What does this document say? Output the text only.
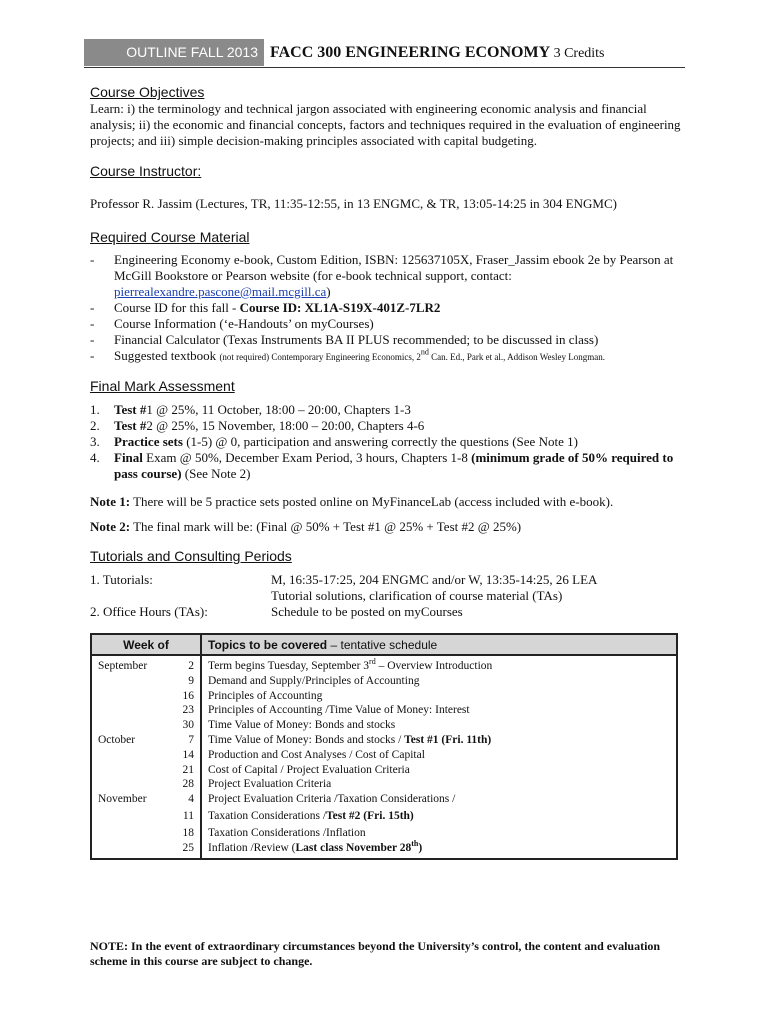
OUTLINE FALL 2013 FACC 300 ENGINEERING ECONOMY 3 Credits
Course Objectives
Learn: i) the terminology and technical jargon associated with engineering economic analysis and financial analysis; ii) the economic and financial concepts, factors and techniques required in the evaluation of engineering projects; and iii) simple decision-making principles associated with capital budgeting.
Course Instructor:
Professor R. Jassim (Lectures, TR, 11:35-12:55, in 13 ENGMC, & TR, 13:05-14:25 in 304 ENGMC)
Required Course Material
- Engineering Economy e-book, Custom Edition, ISBN: 125637105X, Fraser_Jassim ebook 2e by Pearson at McGill Bookstore or Pearson website (for e-book technical support, contact: pierrealexandre.pascone@mail.mcgill.ca)
- Course ID for this fall - Course ID: XL1A-S19X-401Z-7LR2
- Course Information (‘e-Handouts’ on myCourses)
- Financial Calculator (Texas Instruments BA II PLUS recommended; to be discussed in class)
- Suggested textbook (not required) Contemporary Engineering Economics, 2nd Can. Ed., Park et al., Addison Wesley Longman.
Final Mark Assessment
1. Test #1 @ 25%, 11 October, 18:00 – 20:00, Chapters 1-3
2. Test #2 @ 25%, 15 November, 18:00 – 20:00, Chapters 4-6
3. Practice sets (1-5) @ 0, participation and answering correctly the questions (See Note 1)
4. Final Exam @ 50%, December Exam Period, 3 hours, Chapters 1-8 (minimum grade of 50% required to pass course) (See Note 2)
Note 1: There will be 5 practice sets posted online on MyFinanceLab (access included with e-book).
Note 2: The final mark will be: (Final @ 50% + Test #1 @ 25% + Test #2 @ 25%)
Tutorials and Consulting Periods
1. Tutorials:	M, 16:35-17:25, 204 ENGMC and/or W, 13:35-14:25, 26 LEA
Tutorial solutions, clarification of course material (TAs)
2. Office Hours (TAs):	Schedule to be posted on myCourses
Week of	Topics to be covered – tentative schedule

September 2	Term begins Tuesday, September 3rd – Overview Introduction

9	Demand and Supply/Principles of Accounting

16	Principles of Accounting

23	Principles of Accounting /Time Value of Money: Interest

30	Time Value of Money: Bonds and stocks

October 7	Time Value of Money: Bonds and stocks / Test #1 (Fri. 11th)

14	Production and Cost Analyses / Cost of Capital

21	Cost of Capital / Project Evaluation Criteria

28	Project Evaluation Criteria

November 4	Project Evaluation Criteria /Taxation Considerations /

11	Taxation Considerations /Test #2 (Fri. 15th)

18	Taxation Considerations /Inflation

25	Inflation /Review (Last class November 28th)
NOTE: In the event of extraordinary circumstances beyond the University’s control, the content and evaluation scheme in this course are subject to change.
